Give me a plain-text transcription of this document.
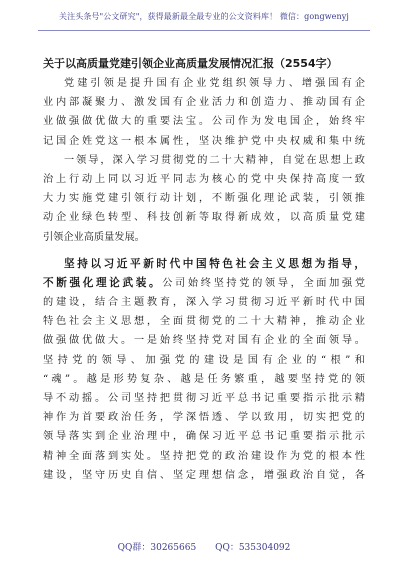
关注头条号"公文研究"，获得最新最全最专业的公文资料库！ 微信：gongwenyj
关于以高质量党建引领企业高质量发展情况汇报（2554字）
党建引领是提升国有企业党组织领导力、增强国有企
业内部凝聚力、激发国有企业活力和创造力、推动国有企
业做强做优做大的重要法宝。公司作为发电国企，始终牢
记国企姓党这一根本属性，坚决维护党中央权威和集中统
一领导，深入学习贯彻党的二十大精神，自觉在思想上政
治上行动上同以习近平同志为核心的党中央保持高度一致
大力实施党建引领行动计划，不断强化理论武装，引领推
动企业绿色转型、科技创新等取得新成效，以高质量党建
引领企业高质量发展。
坚持以习近平新时代中国特色社会主义思想为指导，
不断强化理论武装。公司始终坚持党的领导，全面加强党
的建设，结合主题教育，深入学习贯彻习近平新时代中国
特色社会主义思想，全面贯彻党的二十大精神，推动企业
做强做优做大。一是始终坚持党对国有企业的全面领导。
坚持党的领导、加强党的建设是国有企业的“根”和
“魂”。越是形势复杂、越是任务繁重，越要坚持党的领
导不动摇。公司坚持把贯彻习近平总书记重要指示批示精
神作为首要政治任务，学深悟透、学以致用，切实把党的
领导落实到企业治理中，确保习近平总书记重要指示批示
精神全面落到实处。坚持把党的政治建设作为党的根本性
建设，坚守历史自信、坚定理想信念，增强政治自觉，各
QQ群：30265665 QQ：535304092
